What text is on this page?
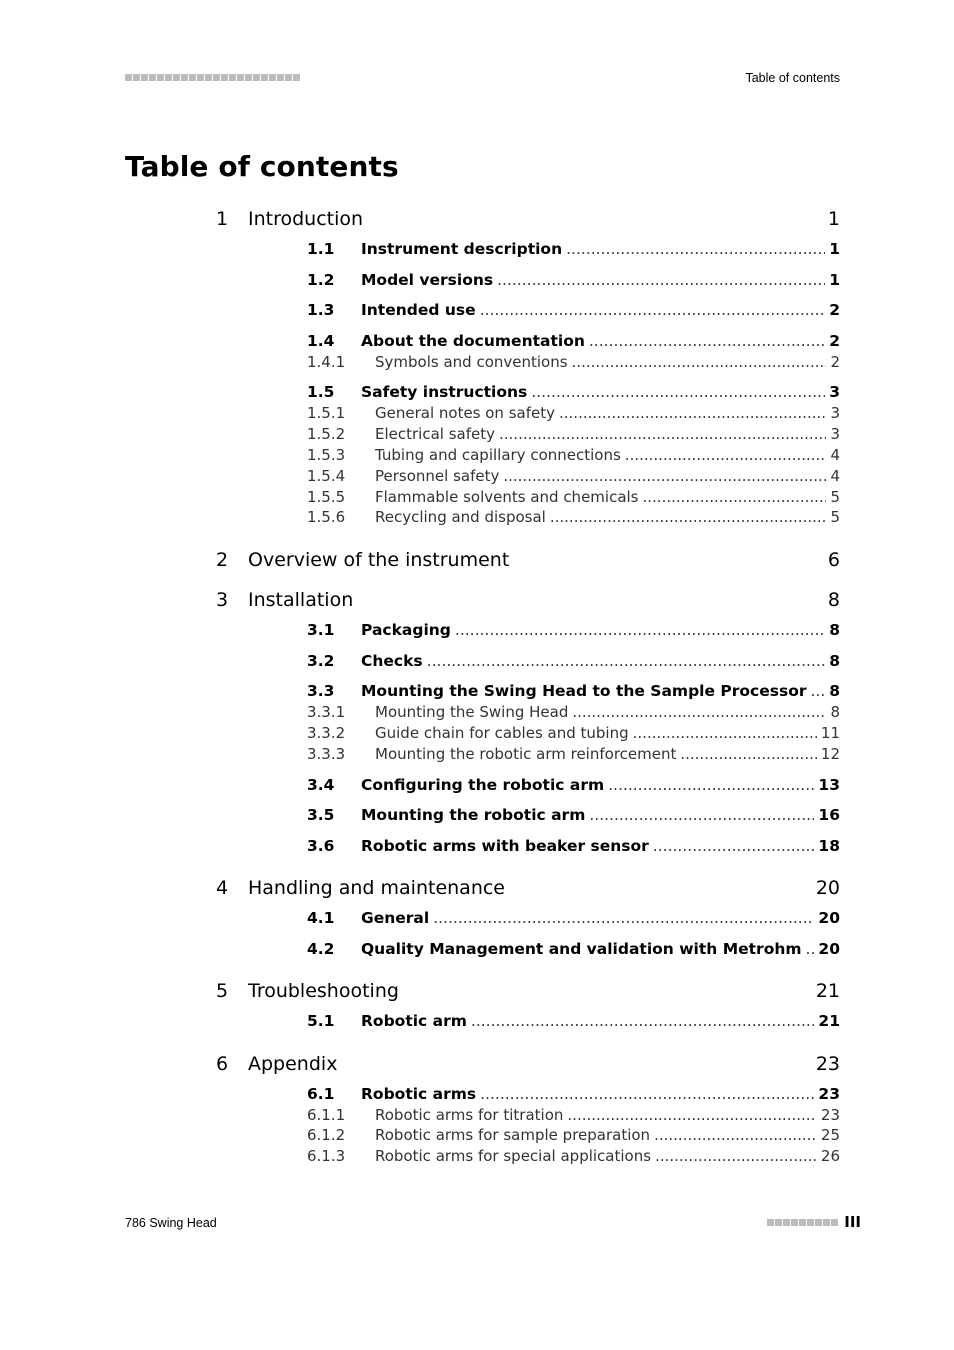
Table of contents
Table of contents
1 Introduction	1
1.1 Instrument description .....	1
1.2 Model versions .....	1
1.3 Intended use .....	2
1.4 About the documentation .....	2
1.4.1 Symbols and conventions .....	2
1.5 Safety instructions .....	3
1.5.1 General notes on safety .....	3
1.5.2 Electrical safety .....	3
1.5.3 Tubing and capillary connections .....	4
1.5.4 Personnel safety .....	4
1.5.5 Flammable solvents and chemicals .....	5
1.5.6 Recycling and disposal .....	5
2 Overview of the instrument	6
3 Installation	8
3.1 Packaging .....	8
3.2 Checks .....	8
3.3 Mounting the Swing Head to the Sample Processor ..... 8
3.3.1 Mounting the Swing Head .....	8
3.3.2 Guide chain for cables and tubing .....	11
3.3.3 Mounting the robotic arm reinforcement .....	12
3.4 Configuring the robotic arm .....	13
3.5 Mounting the robotic arm .....	16
3.6 Robotic arms with beaker sensor .....	18
4 Handling and maintenance	20
4.1 General .....	20
4.2 Quality Management and validation with Metrohm ..... 20
5 Troubleshooting	21
5.1 Robotic arm .....	21
6 Appendix	23
6.1 Robotic arms .....	23
6.1.1 Robotic arms for titration .....	23
6.1.2 Robotic arms for sample preparation .....	25
6.1.3 Robotic arms for special applications .....	26
786 Swing Head	III
